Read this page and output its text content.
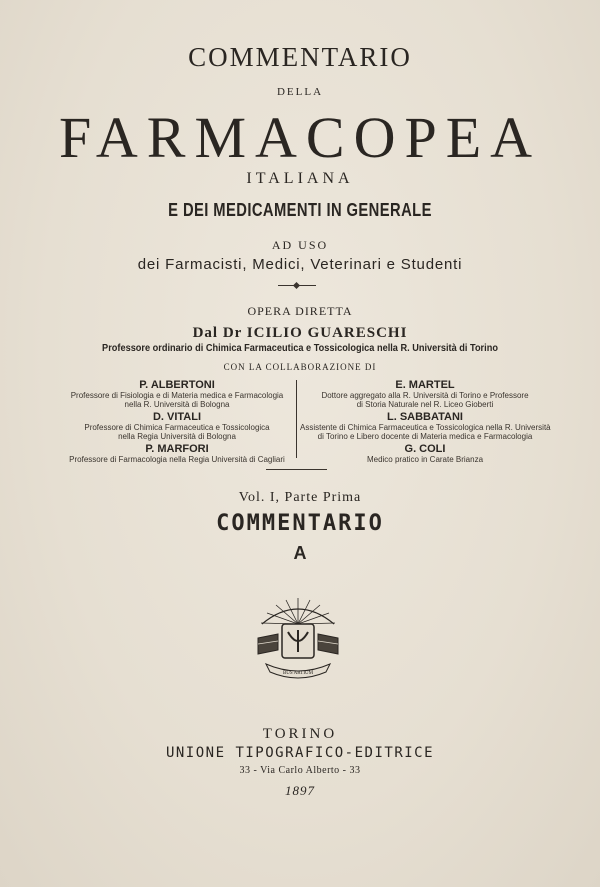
COMMENTARIO
DELLA
FARMACOPEA
ITALIANA
E DEI MEDICAMENTI IN GENERALE
AD USO
dei Farmacisti, Medici, Veterinari e Studenti
OPERA DIRETTA
Dal Dr ICILIO GUARESCHI
Professore ordinario di Chimica Farmaceutica e Tossicologica nella R. Università di Torino
CON LA COLLABORAZIONE DI
P. ALBERTONI
Professore di Fisiologia e di Materia medica e Farmacologia
nella R. Università di Bologna
D. VITALI
Professore di Chimica Farmaceutica e Tossicologica
nella Regia Università di Bologna
P. MARFORI
Professore di Farmacologia nella Regia Università di Cagliari
E. MARTEL
Dottore aggregato alla R. Università di Torino e Professore
di Storia Naturale nel R. Liceo Gioberti
L. SABBATANI
Assistente di Chimica Farmaceutica e Tossicologica nella R. Università
di Torino e Libero docente di Materia medica e Farmacologia
G. COLI
Medico pratico in Carate Brianza
Vol. I, Parte Prima
COMMENTARIO
A
BUS ARTIUM
TORINO
UNIONE TIPOGRAFICO-EDITRICE
33 - Via Carlo Alberto - 33
1897
